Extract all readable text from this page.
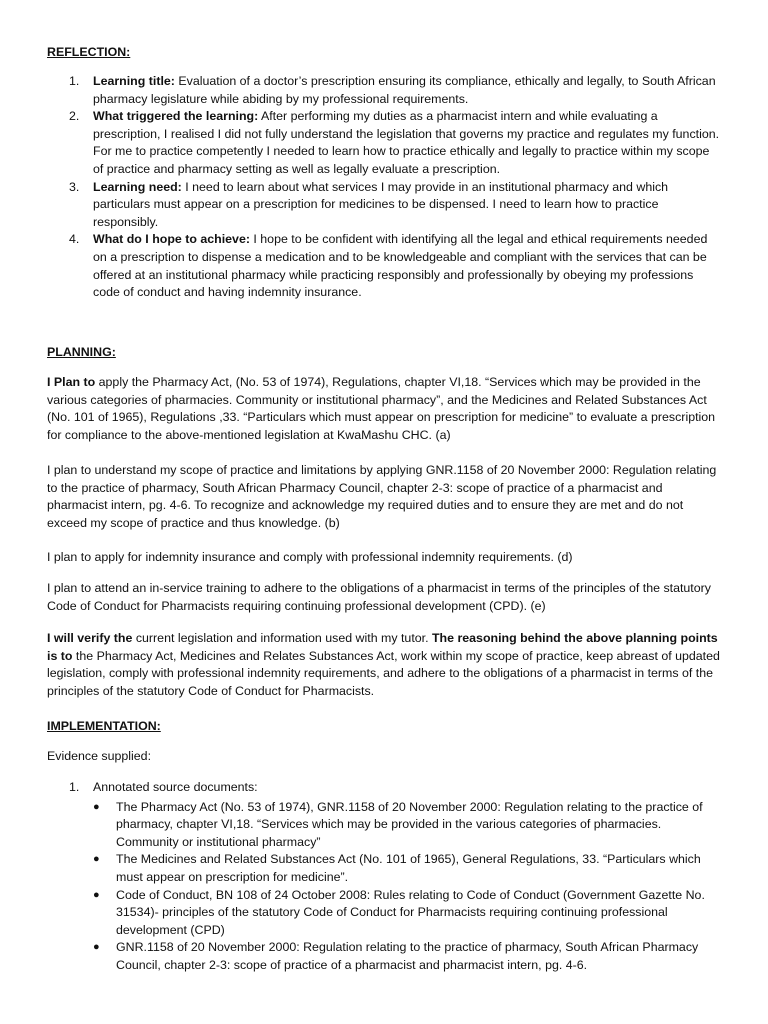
REFLECTION:
1. Learning title: Evaluation of a doctor’s prescription ensuring its compliance, ethically and legally, to South African pharmacy legislature while abiding by my professional requirements.
2. What triggered the learning: After performing my duties as a pharmacist intern and while evaluating a prescription, I realised I did not fully understand the legislation that governs my practice and regulates my function. For me to practice competently I needed to learn how to practice ethically and legally to practice within my scope of practice and pharmacy setting as well as legally evaluate a prescription.
3. Learning need: I need to learn about what services I may provide in an institutional pharmacy and which particulars must appear on a prescription for medicines to be dispensed. I need to learn how to practice responsibly.
4. What do I hope to achieve: I hope to be confident with identifying all the legal and ethical requirements needed on a prescription to dispense a medication and to be knowledgeable and compliant with the services that can be offered at an institutional pharmacy while practicing responsibly and professionally by obeying my professions code of conduct and having indemnity insurance.
PLANNING:

I Plan to apply the Pharmacy Act, (No. 53 of 1974), Regulations, chapter VI,18. “Services which may be provided in the various categories of pharmacies. Community or institutional pharmacy”, and the Medicines and Related Substances Act (No. 101 of 1965), Regulations ,33. “Particulars which must appear on prescription for medicine” to evaluate a prescription for compliance to the above-mentioned legislation at KwaMashu CHC. (a)

I plan to understand my scope of practice and limitations by applying GNR.1158 of 20 November 2000: Regulation relating to the practice of pharmacy, South African Pharmacy Council, chapter 2-3: scope of practice of a pharmacist and pharmacist intern, pg. 4-6. To recognize and acknowledge my required duties and to ensure they are met and do not exceed my scope of practice and thus knowledge. (b)

I plan to apply for indemnity insurance and comply with professional indemnity requirements. (d)

I plan to attend an in-service training to adhere to the obligations of a pharmacist in terms of the principles of the statutory Code of Conduct for Pharmacists requiring continuing professional development (CPD). (e)

I will verify the current legislation and information used with my tutor. The reasoning behind the above planning points is to the Pharmacy Act, Medicines and Relates Substances Act, work within my scope of practice, keep abreast of updated legislation, comply with professional indemnity requirements, and adhere to the obligations of a pharmacist in terms of the principles of the statutory Code of Conduct for Pharmacists.

IMPLEMENTATION:

Evidence supplied:

1. Annotated source documents:
● The Pharmacy Act (No. 53 of 1974), GNR.1158 of 20 November 2000: Regulation relating to the practice of pharmacy, chapter VI,18. “Services which may be provided in the various categories of pharmacies. Community or institutional pharmacy”
● The Medicines and Related Substances Act (No. 101 of 1965), General Regulations, 33. “Particulars which must appear on prescription for medicine”.
● Code of Conduct, BN 108 of 24 October 2008: Rules relating to Code of Conduct (Government Gazette No. 31534)- principles of the statutory Code of Conduct for Pharmacists requiring continuing professional development (CPD)
● GNR.1158 of 20 November 2000: Regulation relating to the practice of pharmacy, South African Pharmacy Council, chapter 2-3: scope of practice of a pharmacist and pharmacist intern, pg. 4-6.
